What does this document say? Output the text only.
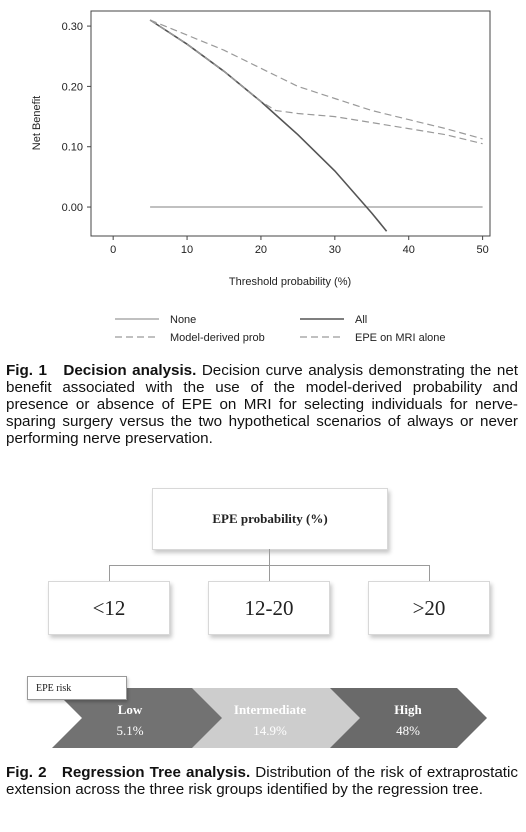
0	10	20	30	40	50
0.00
0.10
0.20
0.30
Net Benefit
Threshold probability (%)
None	All
Model-derived prob	EPE on MRI alone
Fig. 1 Decision analysis. Decision curve analysis demonstrating the net benefit associated with the use of the model-derived probability and presence or absence of EPE on MRI for selecting individuals for nerve-sparing surgery versus the two hypothetical scenarios of always or never performing nerve preservation.
EPE probability (%)
<12	12-20	>20
EPE risk
Low
5.1%
Intermediate
14.9%
High
48%
Fig. 2 Regression Tree analysis. Distribution of the risk of extraprostatic extension across the three risk groups identified by the regression tree.
